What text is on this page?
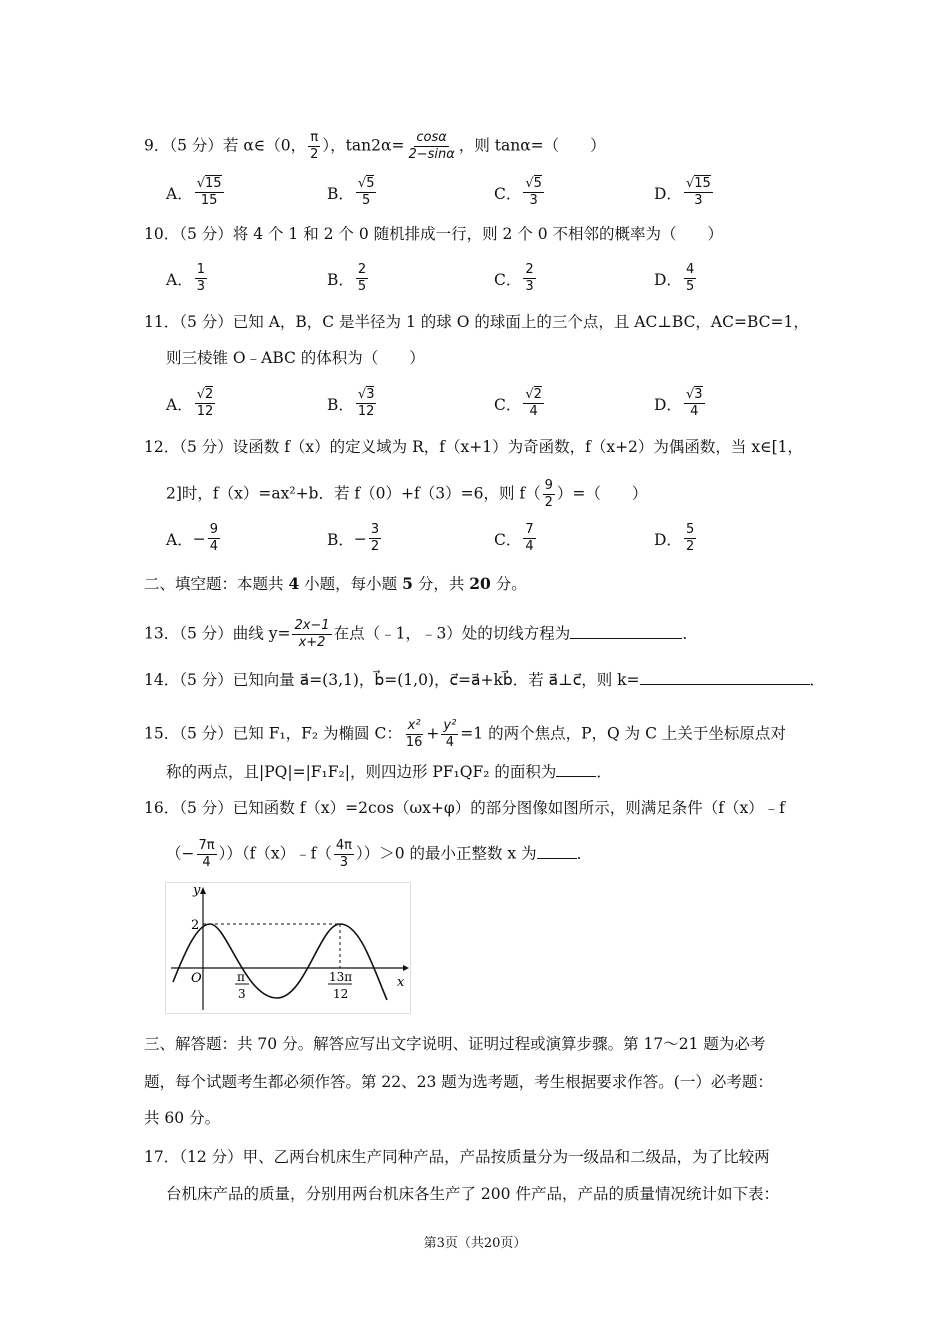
9．（5 分）若 α∈（0， $\frac{\pi}{2}$ ），$\tan 2\alpha= \frac{\cos\alpha}{2-\sin\alpha}$ ，则 tanα=（　　）
A． $\frac{√15}{15}$	B． $\frac{√5}{5}$	C． $\frac{√5}{3}$	D． $\frac{√15}{3}$
10．（5 分）将 4 个 1 和 2 个 0 随机排成一行，则 2 个 0 不相邻的概率为（　　）
A． $\frac{1}{3}$	B． $\frac{2}{5}$	C． $\frac{2}{3}$	D． $\frac{4}{5}$
11．（5 分）已知 A，B，C 是半径为 1 的球 O 的球面上的三个点，且 AC⊥BC，AC=BC=1，
则三棱锥 O﹣ABC 的体积为（　　）
A． $\frac{√2}{12}$	B． $\frac{√3}{12}$	C． $\frac{√2}{4}$	D． $\frac{√3}{4}$
12．（5 分）设函数 f（x）的定义域为 R，f（x+1）为奇函数，f（x+2）为偶函数，当 x∈[1，
2]时，f（x）=ax²+b．若 f（0）+f（3）=6，则 $f( \frac{9}{2}$ ）=（　　）
A． − $\frac{9}{4}$	B． − $\frac{3}{2}$	C． $\frac{7}{4}$	D． $\frac{5}{2}$
二、填空题：本题共 4 小题，每小题 5 分，共 20 分。
13．（5 分）曲线 $y= \frac{2x-1}{x+2}$ 在点（﹣1，﹣3）处的切线方程为	．
14．（5 分）已知向量 a⃗=(3,1)，b⃗=(1,0)，c⃗=a⃗+kb⃗．若 a⃗⊥c⃗，则 k=	．
15．（5 分）已知 F₁，F₂ 为椭圆 C： $\frac{\text{x²}}{16} + \frac{\text{y²}}{4} =1$ 的两个焦点，P，Q 为 C 上关于坐标原点对
称的两点，且|PQ|=|F₁F₂|，则四边形 PF₁QF₂ 的面积为	．
16．（5 分）已知函数 f（x）=2cos（ωx+φ）的部分图像如图所示，则满足条件（f（x）﹣f
（− $\frac{7\pi}{4}$ ））（f（x）﹣f（ $\frac{4\pi}{3} ))>0$ 的最小正整数 x 为	．
y
x
O
2
π
3
13π
12
三、解答题：共 70 分。解答应写出文字说明、证明过程或演算步骤。第 17～21 题为必考
题，每个试题考生都必须作答。第 22、23 题为选考题，考生根据要求作答。(一）必考题：
共 60 分。
17．（12 分）甲、乙两台机床生产同种产品，产品按质量分为一级品和二级品，为了比较两
台机床产品的质量，分别用两台机床各生产了 200 件产品，产品的质量情况统计如下表：
第3页（共20页）
